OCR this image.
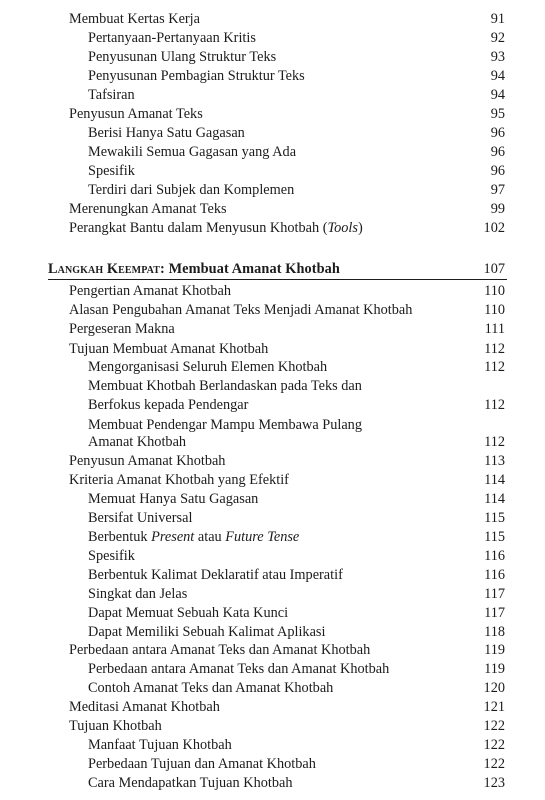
Membuat Kertas Kerja	91
Pertanyaan-Pertanyaan Kritis	92
Penyusunan Ulang Struktur Teks	93
Penyusunan Pembagian Struktur Teks	94
Tafsiran	94
Penyusun Amanat Teks	95
Berisi Hanya Satu Gagasan	96
Mewakili Semua Gagasan yang Ada	96
Spesifik	96
Terdiri dari Subjek dan Komplemen	97
Merenungkan Amanat Teks	99
Perangkat Bantu dalam Menyusun Khotbah (Tools)	102
Langkah Keempat: Membuat Amanat Khotbah	107
Pengertian Amanat Khotbah	110
Alasan Pengubahan Amanat Teks Menjadi Amanat Khotbah	110
Pergeseran Makna	111
Tujuan Membuat Amanat Khotbah	112
Mengorganisasi Seluruh Elemen Khotbah	112
Membuat Khotbah Berlandaskan pada Teks dan
Berfokus kepada Pendengar	112
Membuat Pendengar Mampu Membawa Pulang
Amanat Khotbah	112
Penyusun Amanat Khotbah	113
Kriteria Amanat Khotbah yang Efektif	114
Memuat Hanya Satu Gagasan	114
Bersifat Universal	115
Berbentuk Present atau Future Tense	115
Spesifik	116
Berbentuk Kalimat Deklaratif atau Imperatif	116
Singkat dan Jelas	117
Dapat Memuat Sebuah Kata Kunci	117
Dapat Memiliki Sebuah Kalimat Aplikasi	118
Perbedaan antara Amanat Teks dan Amanat Khotbah	119
Perbedaan antara Amanat Teks dan Amanat Khotbah	119
Contoh Amanat Teks dan Amanat Khotbah	120
Meditasi Amanat Khotbah	121
Tujuan Khotbah	122
Manfaat Tujuan Khotbah	122
Perbedaan Tujuan dan Amanat Khotbah	122
Cara Mendapatkan Tujuan Khotbah	123
